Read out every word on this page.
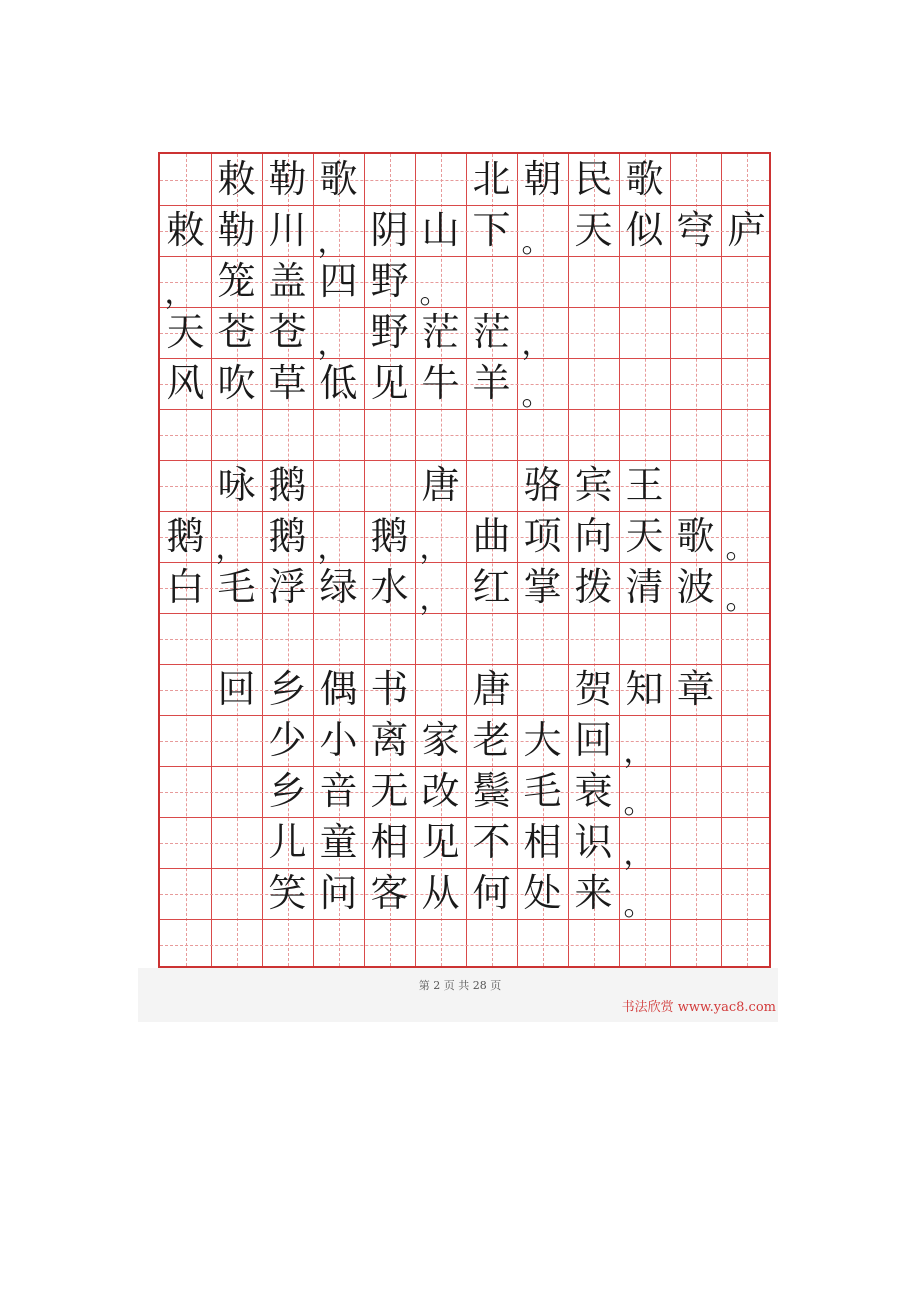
敕 勒 歌	北 朝 民 歌
敕 勒 川 ， 阴 山 下 。 天 似 穹 庐
， 笼 盖 四 野 。
天 苍 苍 ， 野 茫 茫 ，
风 吹 草 低 见 牛 羊 。
咏 鹅	唐 骆 宾 王
鹅 ， 鹅 ， 鹅 ， 曲 项 向 天 歌 。
白 毛 浮 绿 水 ， 红 掌 拨 清 波 。
回 乡 偶 书 唐 贺 知 章
少 小 离 家 老 大 回 ，
乡 音 无 改 鬓 毛 衰 。
儿 童 相 见 不 相 识 ，
笑 问 客 从 何 处 来 。
第 2 页 共 28 页
书法欣赏 www.yac8.com
